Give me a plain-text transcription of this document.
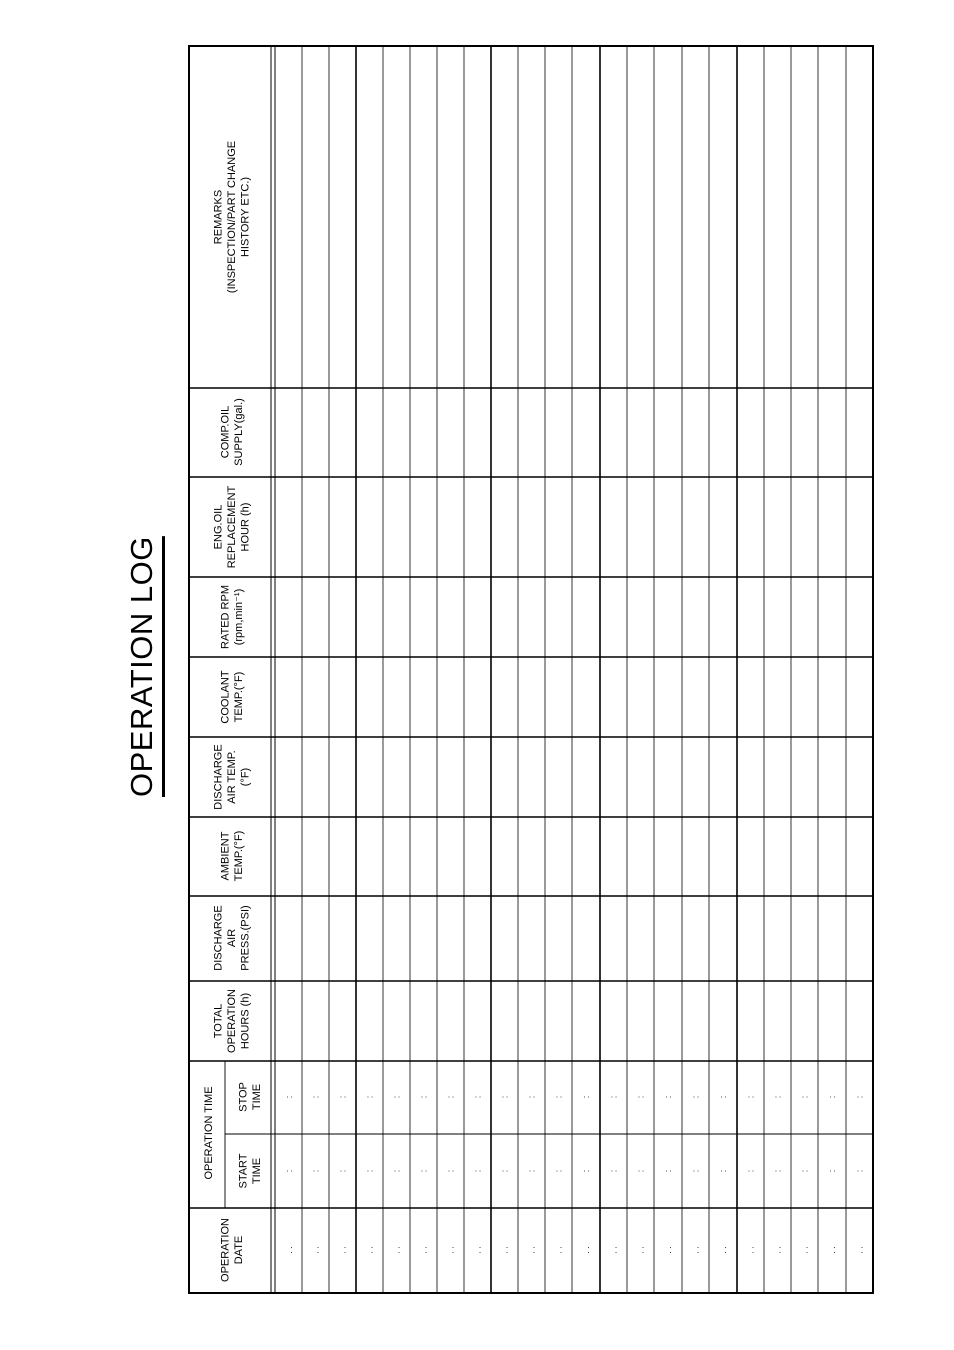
OPERATION LOG
REMARKS (INSPECTION/PART CHANGE HISTORY ETC.)
COMP.OIL SUPPLY(gal.)
ENG.OIL REPLACEMENT HOUR (h)
RATED RPM (rpm,min⁻¹)
COOLANT TEMP.(°F)
DISCHARGE AIR TEMP. (°F)
AMBIENT TEMP.(°F)
DISCHARGE AIR PRESS.(PSI)
TOTAL OPERATION HOURS (h)
OPERATION TIME STOP TIME
START TIME
OPERATION DATE
:
:
. .
:
:
. .
:
:
. .
:
:
. .
:
:
. .
:
:
. .
:
:
. .
:
:
. .
:
:
. .
:
:
. .
:
:
. .
:
:
. .
:
:
. .
:
:
. .
:
:
. .
:
:
. .
:
:
. .
:
:
. .
:
:
. .
:
:
. .
:
:
. .
:
:
. .
